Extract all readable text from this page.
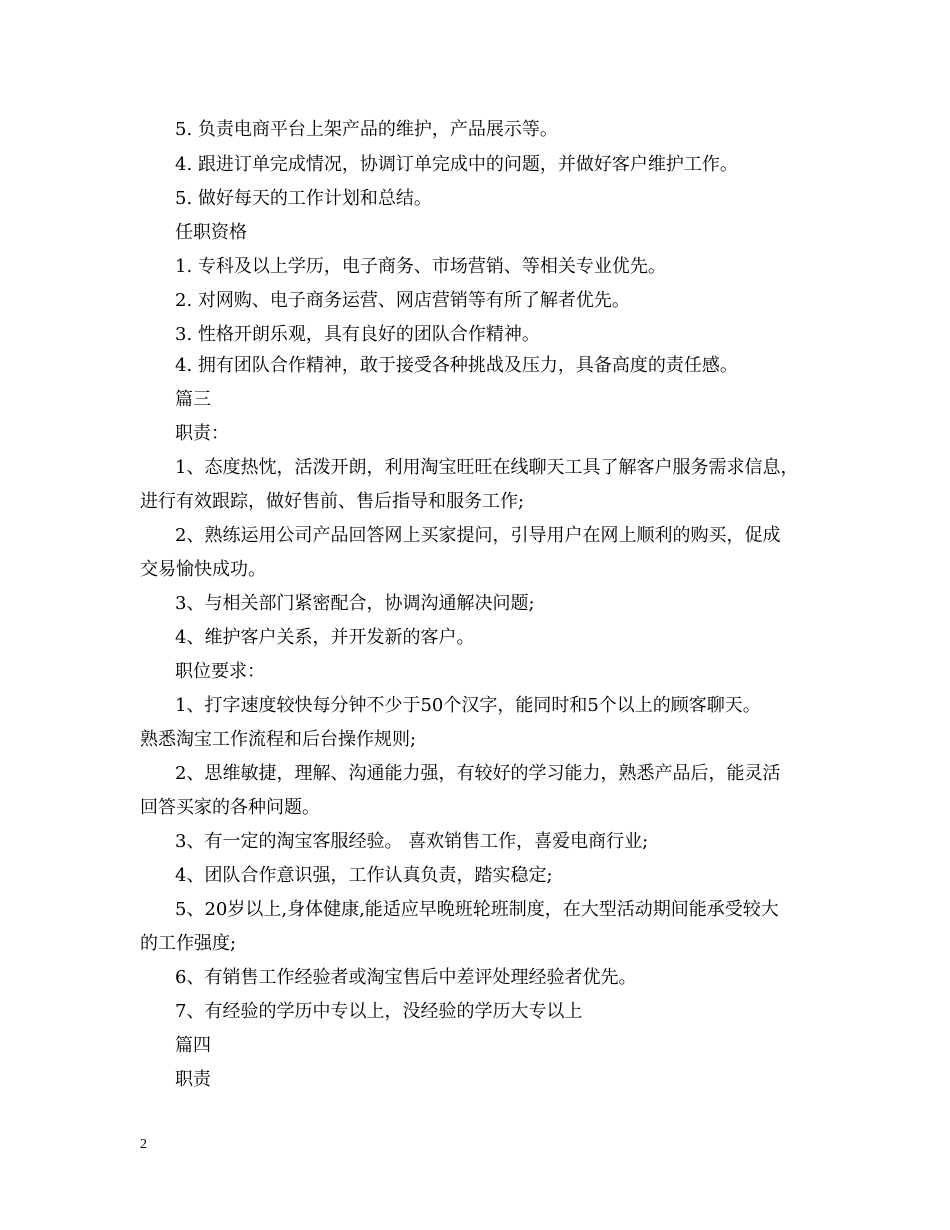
5. 负责电商平台上架产品的维护，产品展示等。
4. 跟进订单完成情况，协调订单完成中的问题，并做好客户维护工作。
5. 做好每天的工作计划和总结。
任职资格
1. 专科及以上学历，电子商务、市场营销、等相关专业优先。
2. 对网购、电子商务运营、网店营销等有所了解者优先。
3. 性格开朗乐观，具有良好的团队合作精神。
4. 拥有团队合作精神，敢于接受各种挑战及压力，具备高度的责任感。
篇三
职责：
1、态度热忱，活泼开朗，利用淘宝旺旺在线聊天工具了解客户服务需求信息，
进行有效跟踪，做好售前、售后指导和服务工作;
2、熟练运用公司产品回答网上买家提问，引导用户在网上顺利的购买，促成
交易愉快成功。
3、与相关部门紧密配合，协调沟通解决问题;
4、维护客户关系，并开发新的客户。
职位要求：
1、打字速度较快每分钟不少于50个汉字，能同时和5个以上的顾客聊天。
熟悉淘宝工作流程和后台操作规则;
2、思维敏捷，理解、沟通能力强，有较好的学习能力，熟悉产品后，能灵活
回答买家的各种问题。
3、有一定的淘宝客服经验。 喜欢销售工作，喜爱电商行业;
4、团队合作意识强，工作认真负责，踏实稳定;
5、20岁以上,身体健康,能适应早晚班轮班制度，在大型活动期间能承受较大
的工作强度;
6、有销售工作经验者或淘宝售后中差评处理经验者优先。
7、有经验的学历中专以上，没经验的学历大专以上
篇四
职责
2
